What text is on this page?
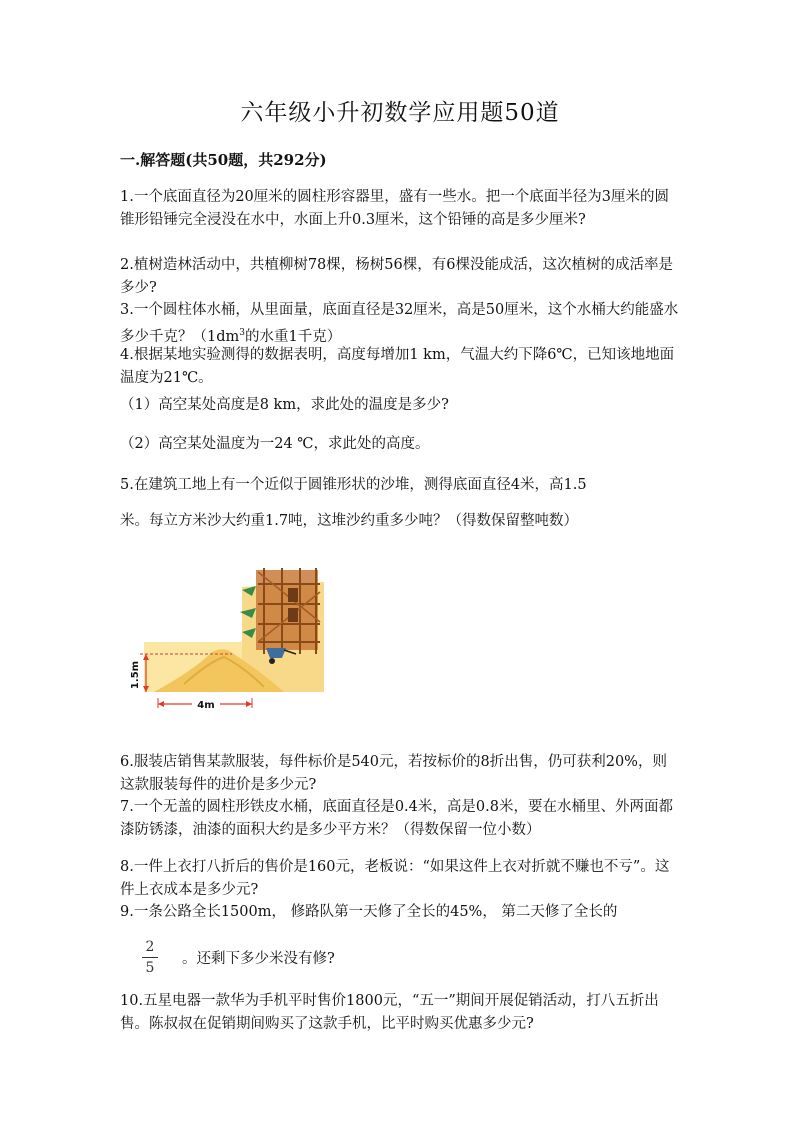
六年级小升初数学应用题50道
一.解答题(共50题，共292分)
1.一个底面直径为20厘米的圆柱形容器里，盛有一些水。把一个底面半径为3厘米的圆锥形铅锤完全浸没在水中，水面上升0.3厘米，这个铅锤的高是多少厘米?
2.植树造林活动中，共植柳树78棵，杨树56棵，有6棵没能成活，这次植树的成活率是多少?
3.一个圆柱体水桶，从里面量，底面直径是32厘米，高是50厘米，这个水桶大约能盛水多少千克？（$1dm^3$的水重1千克）
4.根据某地实验测得的数据表明，高度每增加1 km，气温大约下降6℃，已知该地地面温度为21℃。
（1）高空某处高度是8 km，求此处的温度是多少?
（2）高空某处温度为一24 ℃，求此处的高度。
5.在建筑工地上有一个近似于圆锥形状的沙堆，测得底面直径4米，高1.5
米。每立方米沙大约重1.7吨，这堆沙约重多少吨？（得数保留整吨数）
1.5m
4m
6.服装店销售某款服装，每件标价是540元，若按标价的8折出售，仍可获利20%，则这款服装每件的进价是多少元?
7.一个无盖的圆柱形铁皮水桶，底面直径是0.4米，高是0.8米，要在水桶里、外两面都漆防锈漆，油漆的面积大约是多少平方米？（得数保留一位小数）
8.一件上衣打八折后的售价是160元，老板说：“如果这件上衣对折就不赚也不亏”。这件上衣成本是多少元?
9.一条公路全长1500m， 修路队第一天修了全长的45%， 第二天修了全长的
2
5
。还剩下多少米没有修?
10.五星电器一款华为手机平时售价1800元，“五一”期间开展促销活动，打八五折出售。陈叔叔在促销期间购买了这款手机，比平时购买优惠多少元?
